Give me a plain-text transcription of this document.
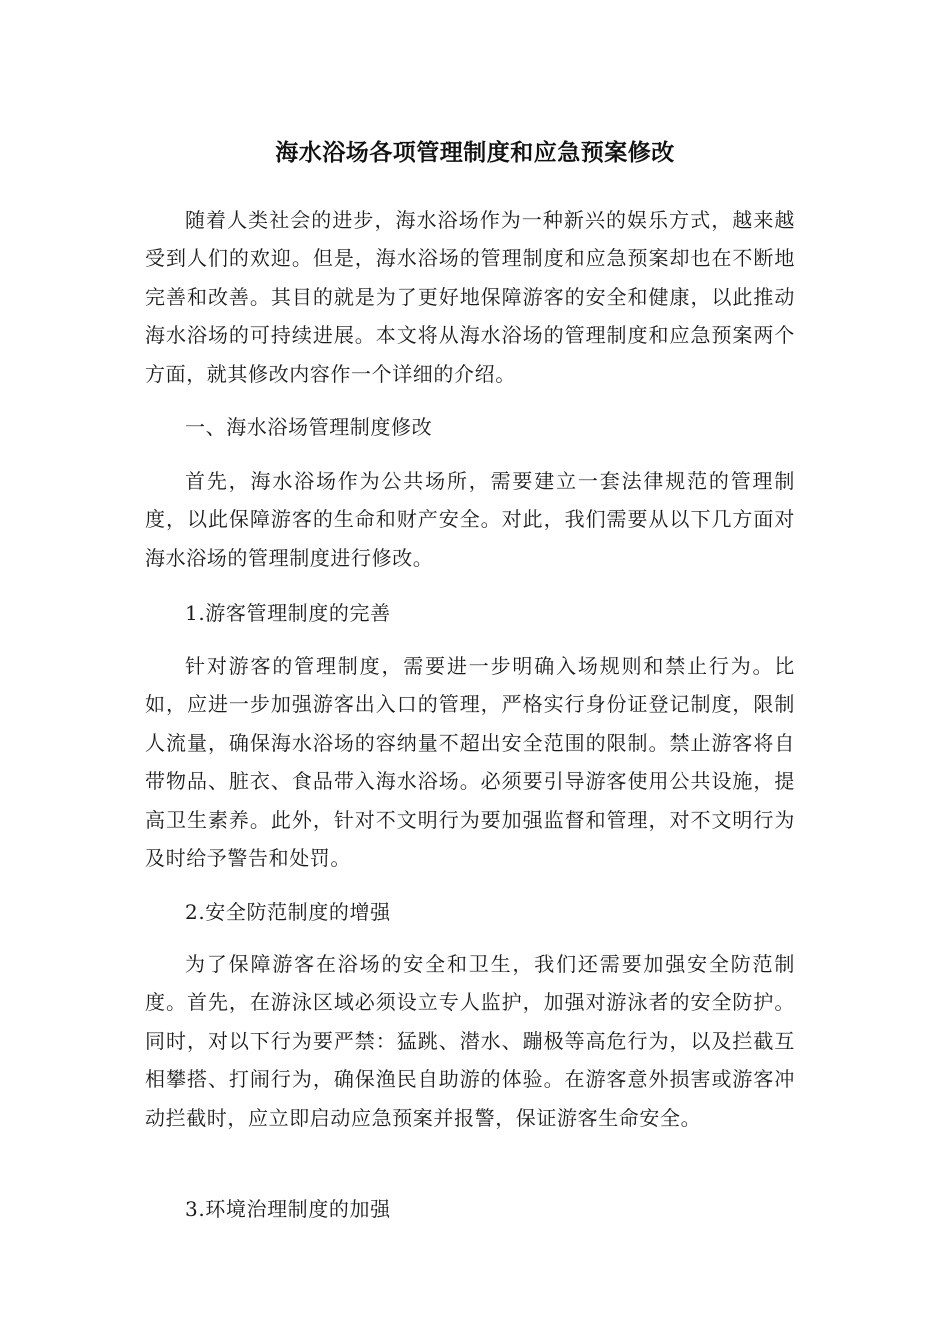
海水浴场各项管理制度和应急预案修改

随着人类社会的进步，海水浴场作为一种新兴的娱乐方式，越来越受到人们的欢迎。但是，海水浴场的管理制度和应急预案却也在不断地完善和改善。其目的就是为了更好地保障游客的安全和健康，以此推动海水浴场的可持续进展。本文将从海水浴场的管理制度和应急预案两个方面，就其修改内容作一个详细的介绍。

一、海水浴场管理制度修改

首先，海水浴场作为公共场所，需要建立一套法律规范的管理制度，以此保障游客的生命和财产安全。对此，我们需要从以下几方面对海水浴场的管理制度进行修改。

1.游客管理制度的完善

针对游客的管理制度，需要进一步明确入场规则和禁止行为。比如，应进一步加强游客出入口的管理，严格实行身份证登记制度，限制人流量，确保海水浴场的容纳量不超出安全范围的限制。禁止游客将自带物品、脏衣、食品带入海水浴场。必须要引导游客使用公共设施，提高卫生素养。此外，针对不文明行为要加强监督和管理，对不文明行为及时给予警告和处罚。

2.安全防范制度的增强

为了保障游客在浴场的安全和卫生，我们还需要加强安全防范制度。首先，在游泳区域必须设立专人监护，加强对游泳者的安全防护。同时，对以下行为要严禁：猛跳、潜水、蹦极等高危行为，以及拦截互相攀搭、打闹行为，确保渔民自助游的体验。在游客意外损害或游客冲动拦截时，应立即启动应急预案并报警，保证游客生命安全。

3.环境治理制度的加强
